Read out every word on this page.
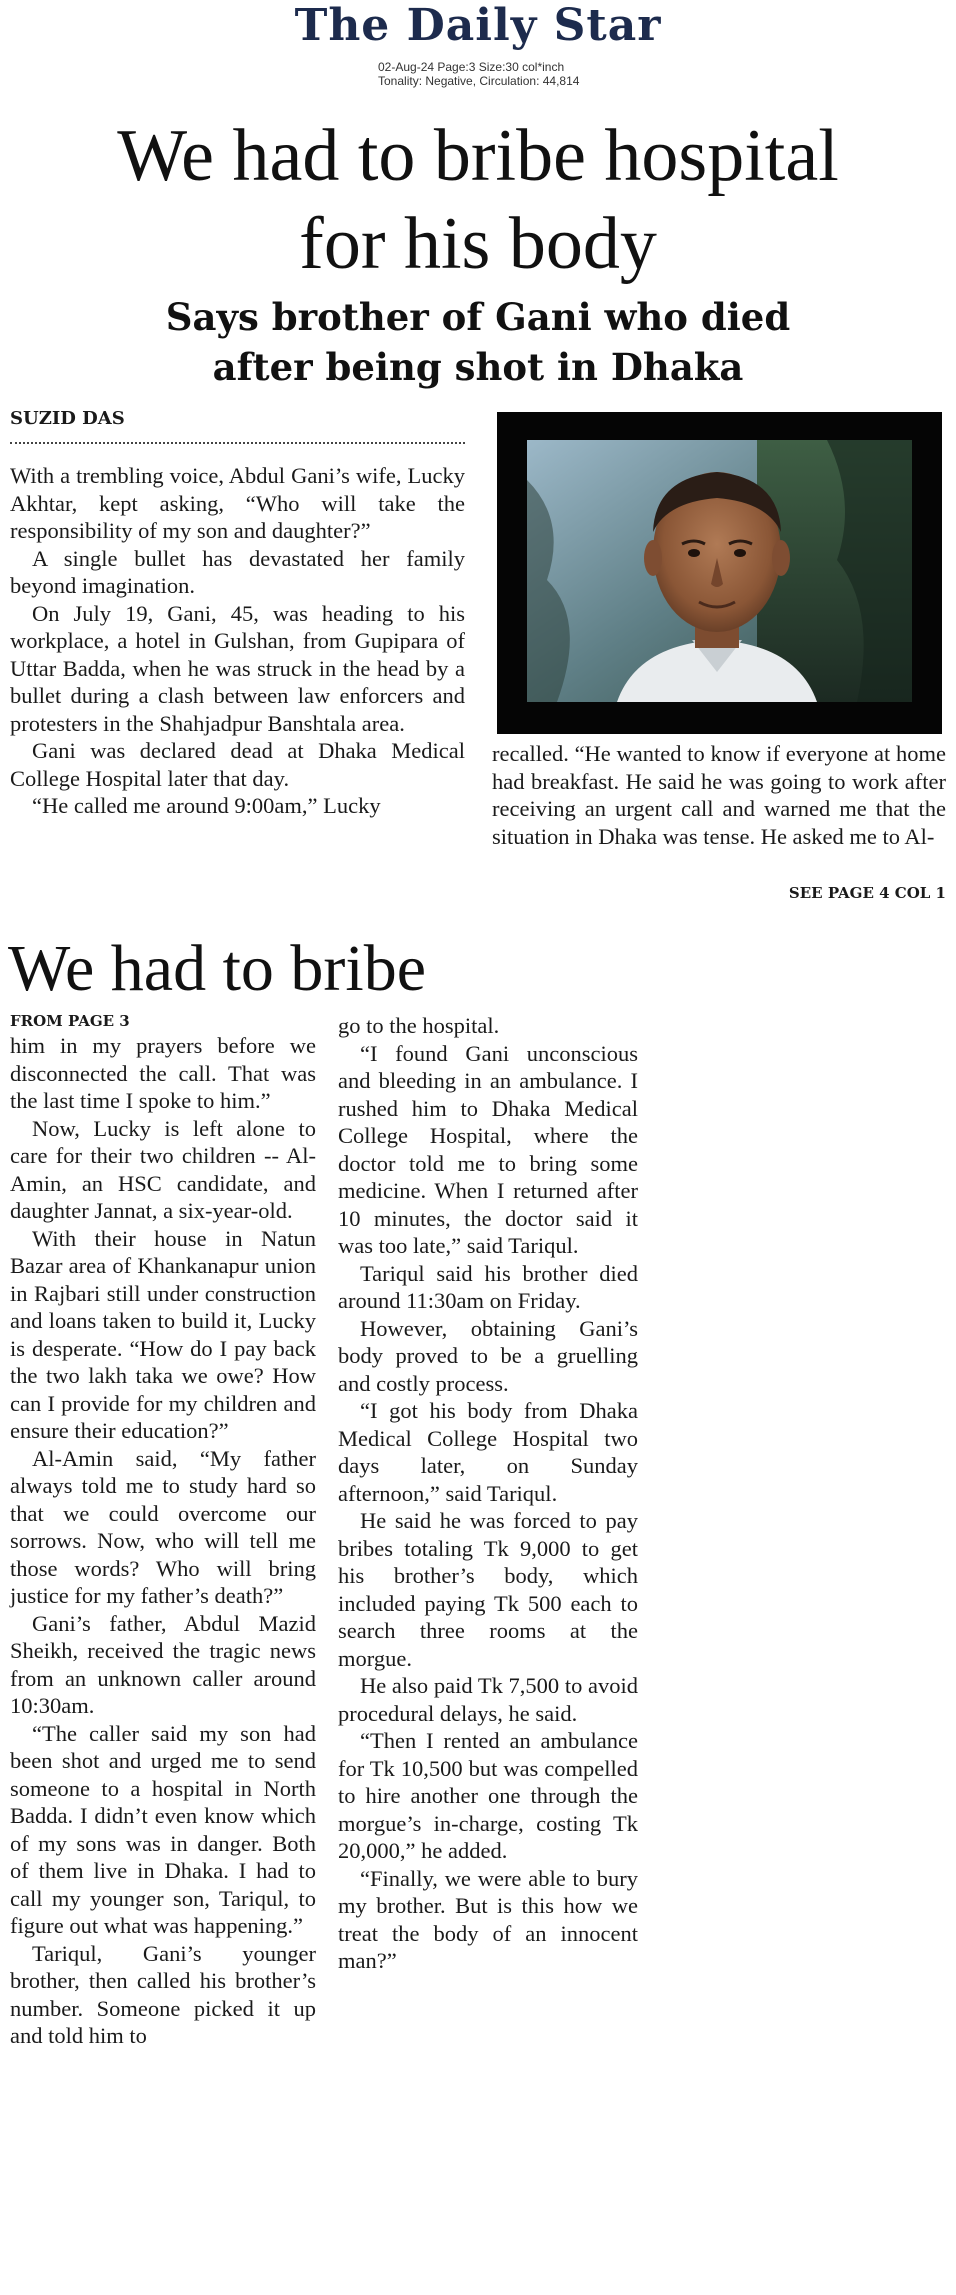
The Daily Star
02-Aug-24 Page:3 Size:30 col*inch
Tonality: Negative, Circulation: 44,814
We had to bribe hospital
for his body
Says brother of Gani who died
after being shot in Dhaka
SUZID DAS

With a trembling voice, Abdul Gani’s wife, Lucky Akhtar, kept asking, “Who will take the responsibility of my son and daughter?”

A single bullet has devastated her family beyond imagination.

On July 19, Gani, 45, was heading to his workplace, a hotel in Gulshan, from Gupipara of Uttar Badda, when he was struck in the head by a bullet during a clash between law enforcers and protesters in the Shahjadpur Banshtala area.

Gani was declared dead at Dhaka Medical College Hospital later that day.

“He called me around 9:00am,” Lucky

recalled. “He wanted to know if everyone at home had breakfast. He said he was going to work after receiving an urgent call and warned me that the situation in Dhaka was tense. He asked me to Al-

SEE PAGE 4 COL 1
We had to bribe
FROM PAGE 3

him in my prayers before we disconnected the call. That was the last time I spoke to him.”

Now, Lucky is left alone to care for their two children -- Al-Amin, an HSC candidate, and daughter Jannat, a six-year-old.

With their house in Natun Bazar area of Khankanapur union in Rajbari still under construction and loans taken to build it, Lucky is desperate. “How do I pay back the two lakh taka we owe? How can I provide for my children and ensure their education?”

Al-Amin said, “My father always told me to study hard so that we could overcome our sorrows. Now, who will tell me those words? Who will bring justice for my father’s death?”

Gani’s father, Abdul Mazid Sheikh, received the tragic news from an unknown caller around 10:30am.

“The caller said my son had been shot and urged me to send someone to a hospital in North Badda. I didn’t even know which of my sons was in danger. Both of them live in Dhaka. I had to call my younger son, Tariqul, to figure out what was happening.”

Tariqul, Gani’s younger brother, then called his brother’s number. Someone picked it up and told him to

go to the hospital.

“I found Gani unconscious and bleeding in an ambulance. I rushed him to Dhaka Medical College Hospital, where the doctor told me to bring some medicine. When I returned after 10 minutes, the doctor said it was too late,” said Tariqul.

Tariqul said his brother died around 11:30am on Friday.

However, obtaining Gani’s body proved to be a gruelling and costly process.

“I got his body from Dhaka Medical College Hospital two days later, on Sunday afternoon,” said Tariqul.

He said he was forced to pay bribes totaling Tk 9,000 to get his brother’s body, which included paying Tk 500 each to search three rooms at the morgue.

He also paid Tk 7,500 to avoid procedural delays, he said.

“Then I rented an ambulance for Tk 10,500 but was compelled to hire another one through the morgue’s in-charge, costing Tk 20,000,” he added.

“Finally, we were able to bury my brother. But is this how we treat the body of an innocent man?”
